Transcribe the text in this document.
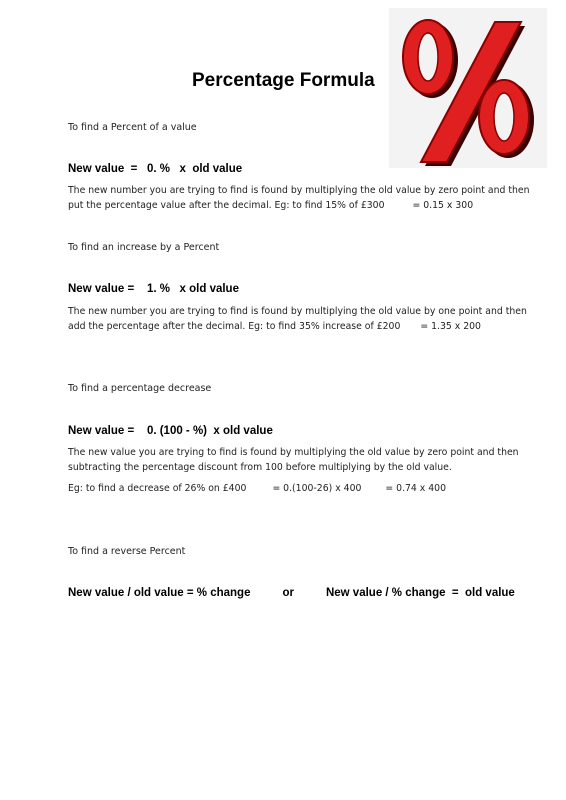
Percentage Formula
To find a Percent of a value
New value  =   0. %   x  old value
The new number you are trying to find is found by multiplying the old value by zero point and then
put the percentage value after the decimal. Eg: to find 15% of £300	= 0.15 x 300
To find an increase by a Percent
New value =    1. %   x old value
The new number you are trying to find is found by multiplying the old value by one point and then
add the percentage after the decimal. Eg: to find 35% increase of £200 = 1.35 x 200
To find a percentage decrease
New value =    0. (100 - %)  x old value
The new value you are trying to find is found by multiplying the old value by zero point and then
subtracting the percentage discount from 100 before multiplying by the old value.
Eg: to find a decrease of 26% on £400	= 0.(100-26) x 400	= 0.74 x 400
To find a reverse Percent
New value / old value = % change	or	New value / % change  =  old value
